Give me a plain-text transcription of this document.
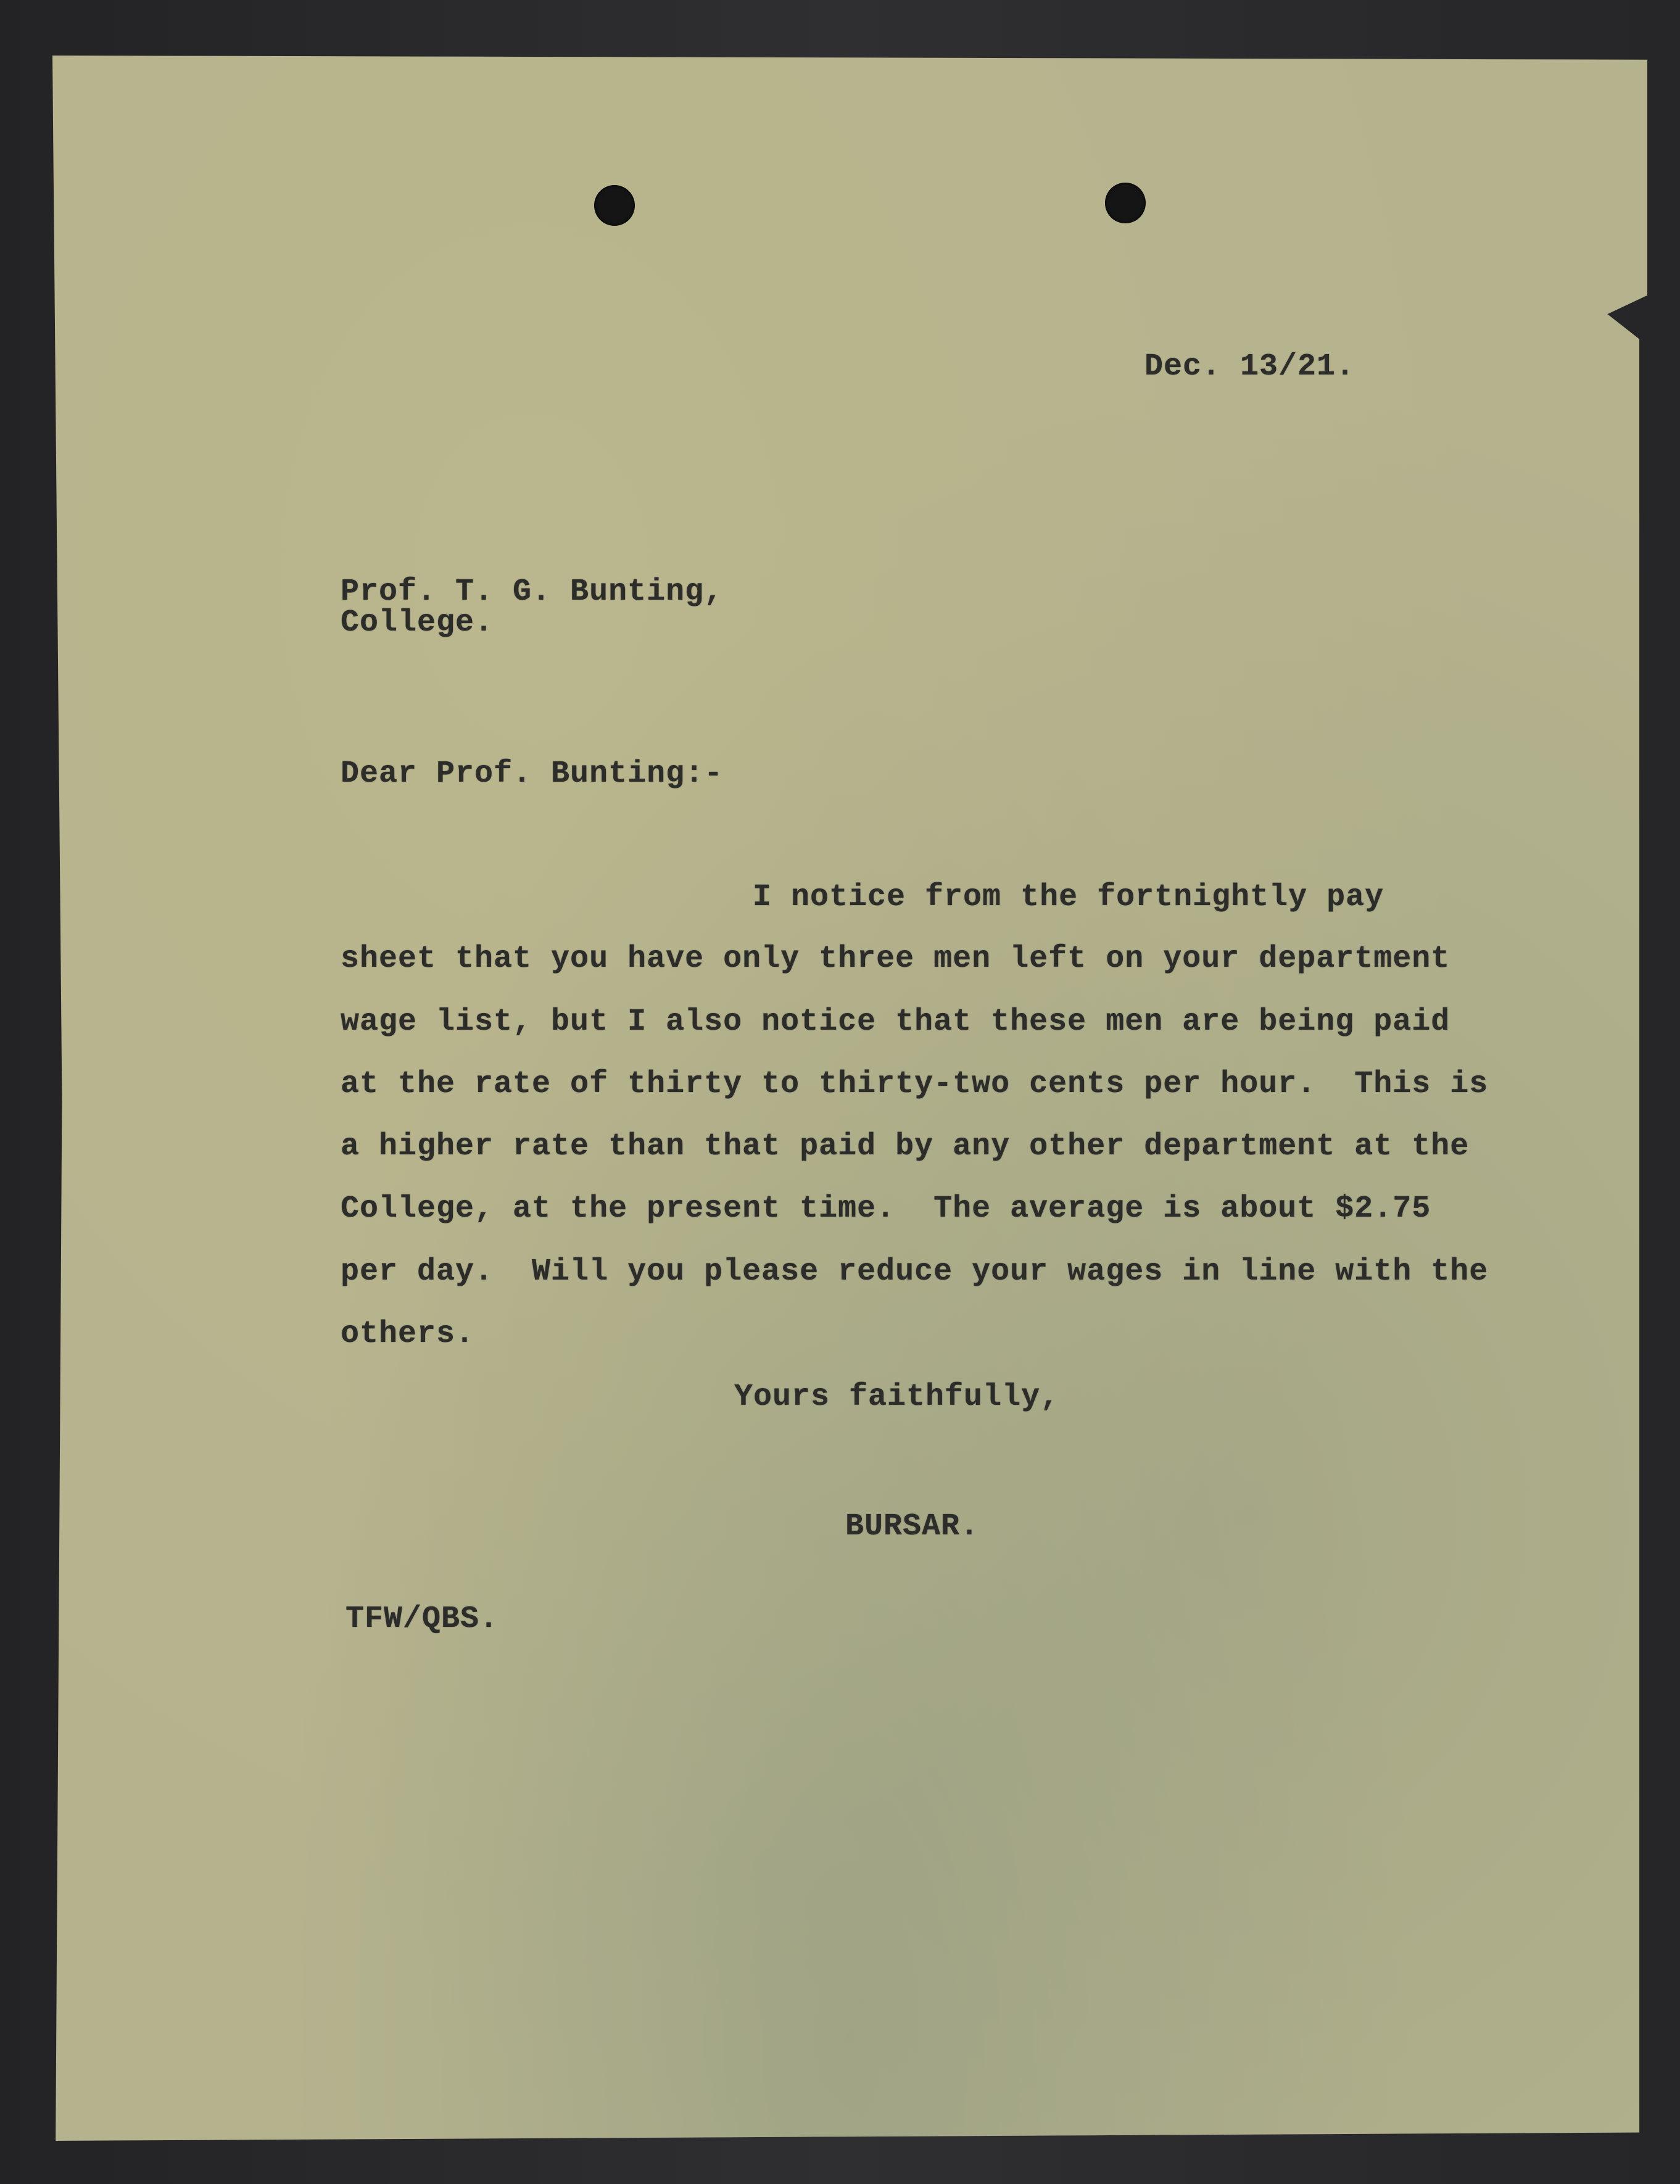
Dec. 13/21.
Prof. T. G. Bunting,
College.
Dear Prof. Bunting:-
I notice from the fortnightly pay
sheet that you have only three men left on your department
wage list, but I also notice that these men are being paid
at the rate of thirty to thirty-two cents per hour.  This is
a higher rate than that paid by any other department at the
College, at the present time.  The average is about $2.75
per day.  Will you please reduce your wages in line with the
others.
Yours faithfully,
BURSAR.
TFW/QBS.
